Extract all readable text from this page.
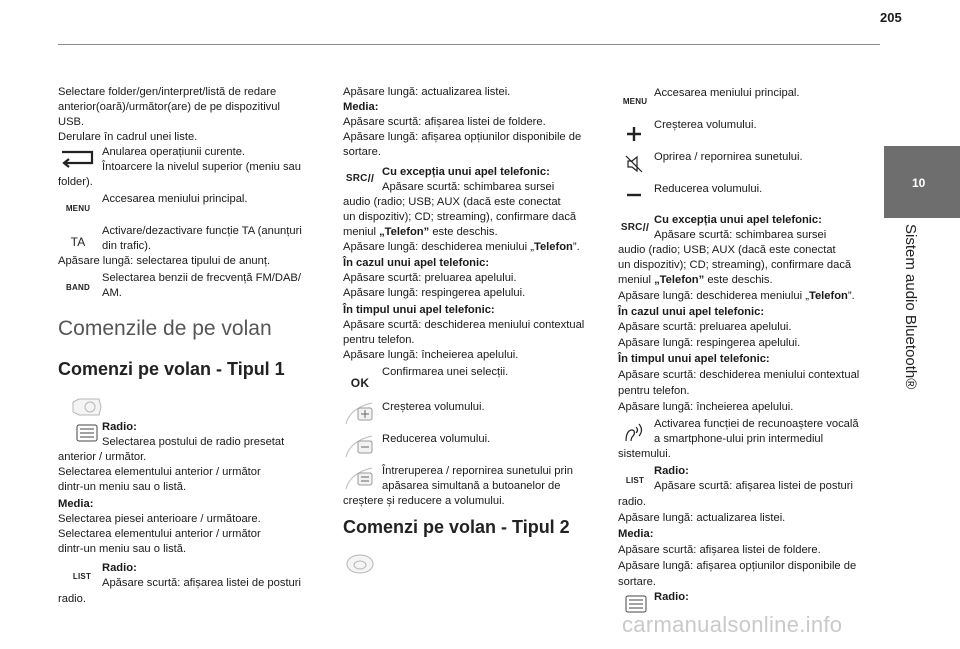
205
10
Sistem audio Bluetooth®
Selectare folder/gen/interpret/listă de redare
anterior(oară)/următor(are) de pe dispozitivul
USB.
Derulare în cadrul unei liste.
Anularea operațiunii curente.
Întoarcere la nivelul superior (meniu sau
folder).
MENU
Accesarea meniului principal.
TA
Activare/dezactivare funcție TA (anunțuri
din trafic).
Apăsare lungă: selectarea tipului de anunț.
BAND
Selectarea benzii de frecvență FM/DAB/
AM.
Comenzile de pe volan
Comenzi pe volan - Tipul 1
Radio:
Selectarea postului de radio presetat
anterior / următor.
Selectarea elementului anterior / următor
dintr-un meniu sau o listă.
Media:
Selectarea piesei anterioare / următoare.
Selectarea elementului anterior / următor
dintr-un meniu sau o listă.
LIST
Radio:
Apăsare scurtă: afișarea listei de posturi
radio.
Apăsare lungă: actualizarea listei.
Media:
Apăsare scurtă: afișarea listei de foldere.
Apăsare lungă: afișarea opțiunilor disponibile de
sortare.
SRC //
Cu excepția unui apel telefonic:
Apăsare scurtă: schimbarea sursei
audio (radio; USB; AUX (dacă este conectat
un dispozitiv); CD; streaming), confirmare dacă
meniul „Telefon” este deschis.
Apăsare lungă: deschiderea meniului „Telefon”.
În cazul unui apel telefonic:
Apăsare scurtă: preluarea apelului.
Apăsare lungă: respingerea apelului.
În timpul unui apel telefonic:
Apăsare scurtă: deschiderea meniului contextual
pentru telefon.
Apăsare lungă: încheierea apelului.
OK
Confirmarea unei selecții.
Creșterea volumului.
Reducerea volumului.
Întreruperea / repornirea sunetului prin
apăsarea simultană a butoanelor de
creștere și reducere a volumului.
Comenzi pe volan - Tipul 2
MENU
Accesarea meniului principal.
Creșterea volumului.
Oprirea / repornirea sunetului.
Reducerea volumului.
SRC //
Cu excepția unui apel telefonic:
Apăsare scurtă: schimbarea sursei
audio (radio; USB; AUX (dacă este conectat
un dispozitiv); CD; streaming), confirmare dacă
meniul „Telefon” este deschis.
Apăsare lungă: deschiderea meniului „Telefon”.
În cazul unui apel telefonic:
Apăsare scurtă: preluarea apelului.
Apăsare lungă: respingerea apelului.
În timpul unui apel telefonic:
Apăsare scurtă: deschiderea meniului contextual
pentru telefon.
Apăsare lungă: încheierea apelului.
Activarea funcției de recunoaștere vocală
a smartphone-ului prin intermediul
sistemului.
LIST
Radio:
Apăsare scurtă: afișarea listei de posturi
radio.
Apăsare lungă: actualizarea listei.
Media:
Apăsare scurtă: afișarea listei de foldere.
Apăsare lungă: afișarea opțiunilor disponibile de
sortare.
Radio:
carmanualsonline.info
